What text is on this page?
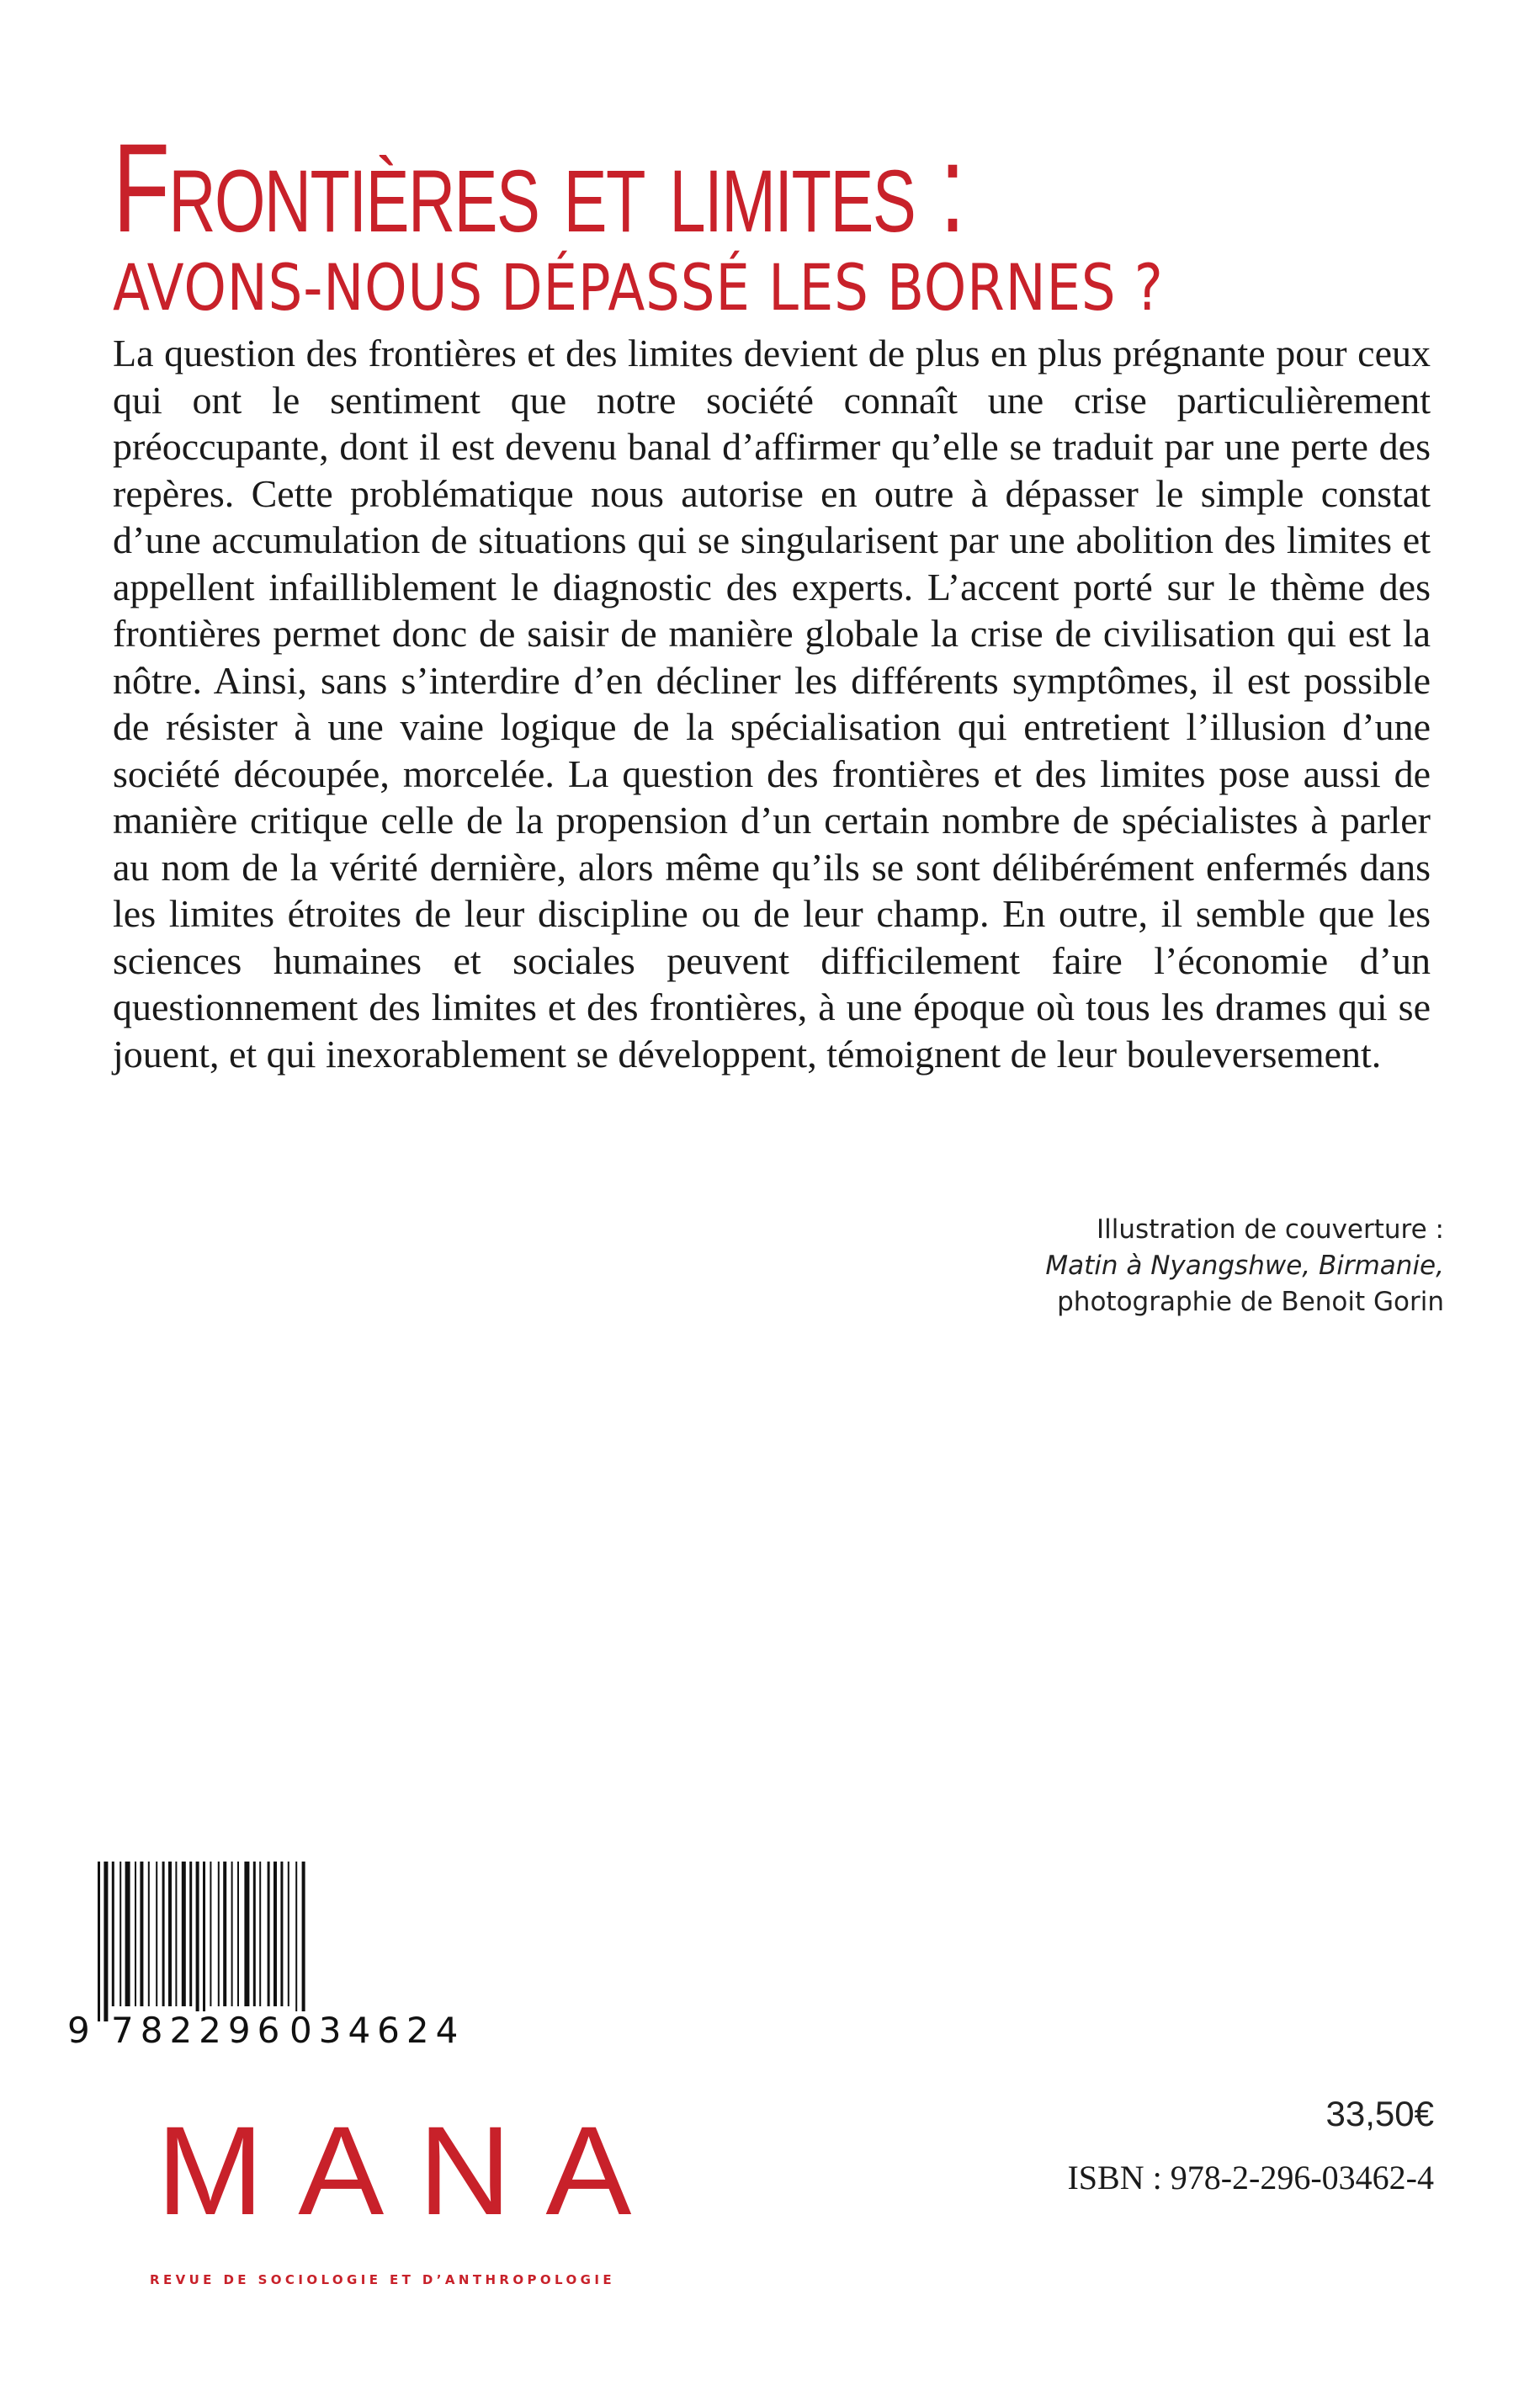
Frontières et limites :
AVONS-NOUS DÉPASSÉ LES BORNES ?

La question des frontières et des limites devient de plus en plus prégnante pour ceux qui ont le sentiment que notre société connaît une crise particulièrement préoccupante, dont il est devenu banal d’affirmer qu’elle se traduit par une perte des repères. Cette problématique nous autorise en outre à dépasser le simple constat d’une accumulation de situations qui se singularisent par une abolition des limites et appellent infailliblement le diagnostic des experts. L’accent porté sur le thème des frontières permet donc de saisir de manière globale la crise de civilisation qui est la nôtre. Ainsi, sans s’interdire d’en décliner les différents symptômes, il est possible de résister à une vaine logique de la spécialisation qui entretient l’illusion d’une société découpée, morcelée. La question des frontières et des limites pose aussi de manière critique celle de la propension d’un certain nombre de spécialistes à parler au nom de la vérité dernière, alors même qu’ils se sont délibérément enfermés dans les limites étroites de leur discipline ou de leur champ. En outre, il semble que les sciences humaines et sociales peuvent difficilement faire l’économie d’un questionnement des limites et des frontières, à une époque où tous les drames qui se jouent, et qui inexorablement se développent, témoignent de leur bouleversement.

Illustration de couverture :
Matin à Nyangshwe, Birmanie,
photographie de Benoit Gorin
9 782296 034624
33,50€
ISBN : 978-2-296-03462-4
MANA
REVUE DE SOCIOLOGIE ET D’ANTHROPOLOGIE
